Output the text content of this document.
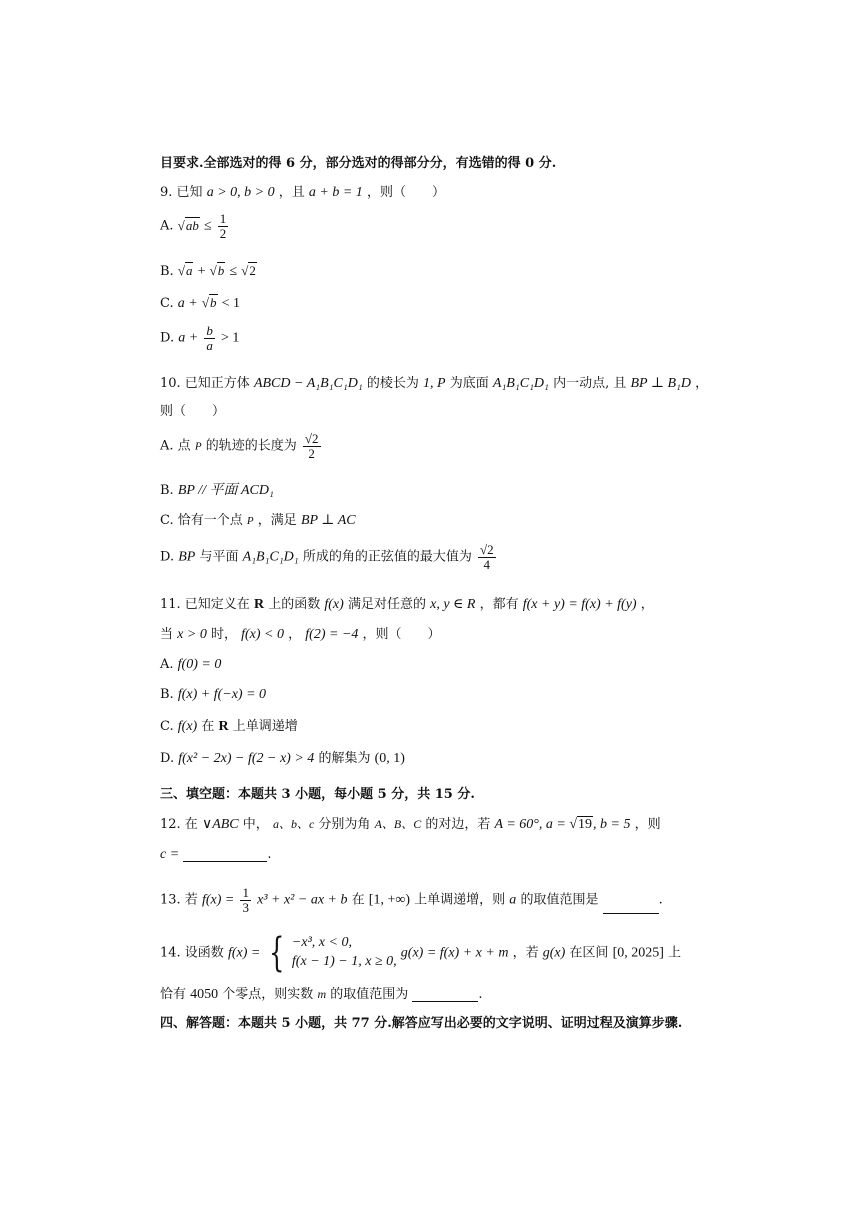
目要求.全部选对的得 6 分，部分选对的得部分分，有选错的得 0 分.
9. 已知 a > 0, b > 0 ，且 a + b = 1 ，则（　　）
A. $√ab \le \frac{1}{2}$
B. √a + √b ≤ √2
C. a + √b < 1
D. $a + \frac{b}{a} > 1$
10. 已知正方体 ABCD − A₁B₁C₁D₁ 的棱长为 1, P 为底面 A₁B₁C₁D₁ 内一动点, 且 BP ⊥ B₁D ，
则（　　）
A. 点 P 的轨迹的长度为 $\frac{√2}{2}$
B. BP // 平面 ACD₁
C. 恰有一个点 P ，满足 BP ⊥ AC
D. BP 与平面 A₁B₁C₁D₁ 所成的角的正弦值的最大值为 $\frac{√2}{4}$
11. 已知定义在 R 上的函数 f(x) 满足对任意的 x, y ∈ R ，都有 f(x + y) = f(x) + f(y) ，
当 x > 0 时， f(x) < 0 ， f(2) = −4 ，则（　　）
A. f(0) = 0
B. f(x) + f(−x) = 0
C. f(x) 在 R 上单调递增
D. f(x² − 2x) − f(2 − x) > 4 的解集为 (0, 1)
三、填空题：本题共 3 小题，每小题 5 分，共 15 分.
12. 在 ∨ABC 中， a、b、c 分别为角 A、B、C 的对边，若 A = 60°, a = √19, b = 5 ，则
c =	.
13. 若 $f(x) = \frac{1}{3} x^3 + x^2$ − ax + b 在 [1, +∞) 上单调递增，则 a 的取值范围是	.
14. 设函数 f(x) = { −x³, x < 0,
f(x − 1) − 1, x ≥ 0,
g(x) = f(x) + x + m ，若 g(x) 在区间 [0, 2025] 上
恰有 4050 个零点，则实数 m 的取值范围为	.
四、解答题：本题共 5 小题，共 77 分.解答应写出必要的文字说明、证明过程及演算步骤.
